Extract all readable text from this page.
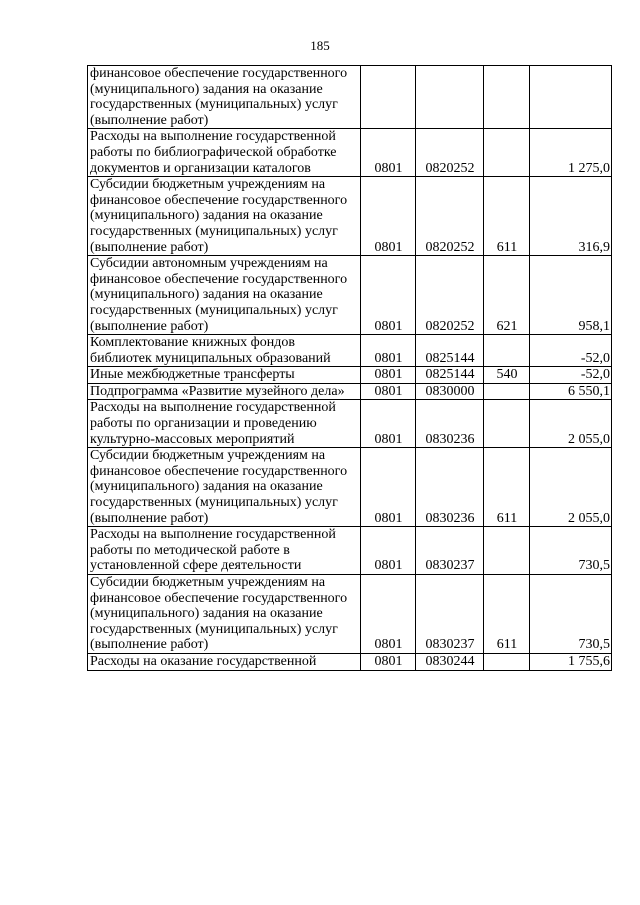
185
финансовое обеспечение государственного (муниципального) задания на оказание государственных (муниципальных) услуг (выполнение работ)				
Расходы на выполнение государственной работы по библиографической обработке документов и организации каталогов	0801	0820252		1 275,0
Субсидии бюджетным учреждениям на финансовое обеспечение государственного (муниципального) задания на оказание государственных (муниципальных) услуг (выполнение работ)	0801	0820252	611	316,9
Субсидии автономным учреждениям на финансовое обеспечение государственного (муниципального) задания на оказание государственных (муниципальных) услуг (выполнение работ)	0801	0820252	621	958,1
Комплектование книжных фондов библиотек муниципальных образований	0801	0825144		-52,0
Иные межбюджетные трансферты	0801	0825144	540	-52,0
Подпрограмма «Развитие музейного дела»	0801	0830000		6 550,1
Расходы на выполнение государственной работы по организации и проведению культурно-массовых мероприятий	0801	0830236		2 055,0
Субсидии бюджетным учреждениям на финансовое обеспечение государственного (муниципального) задания на оказание государственных (муниципальных) услуг (выполнение работ)	0801	0830236	611	2 055,0
Расходы на выполнение государственной работы по методической работе в установленной сфере деятельности	0801	0830237		730,5
Субсидии бюджетным учреждениям на финансовое обеспечение государственного (муниципального) задания на оказание государственных (муниципальных) услуг (выполнение работ)	0801	0830237	611	730,5
Расходы на оказание государственной	0801	0830244		1 755,6
